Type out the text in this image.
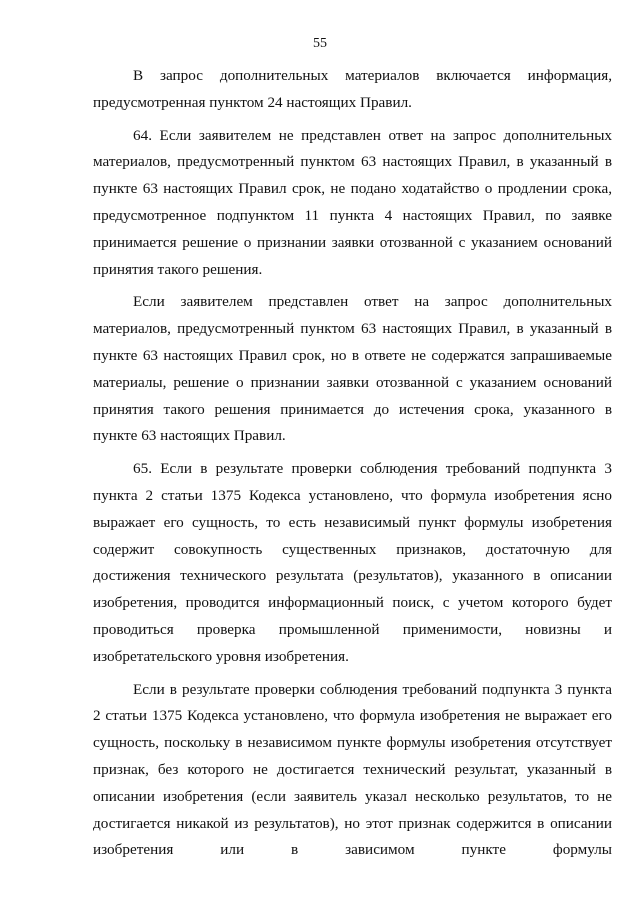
55

В запрос дополнительных материалов включается информация, предусмотренная пунктом 24 настоящих Правил.

64. Если заявителем не представлен ответ на запрос дополнительных материалов, предусмотренный пунктом 63 настоящих Правил, в указанный в пункте 63 настоящих Правил срок, не подано ходатайство о продлении срока, предусмотренное подпунктом 11 пункта 4 настоящих Правил, по заявке принимается решение о признании заявки отозванной с указанием оснований принятия такого решения.

Если заявителем представлен ответ на запрос дополнительных материалов, предусмотренный пунктом 63 настоящих Правил, в указанный в пункте 63 настоящих Правил срок, но в ответе не содержатся запрашиваемые материалы, решение о признании заявки отозванной с указанием оснований принятия такого решения принимается до истечения срока, указанного в пункте 63 настоящих Правил.

65. Если в результате проверки соблюдения требований подпункта 3 пункта 2 статьи 1375 Кодекса установлено, что формула изобретения ясно выражает его сущность, то есть независимый пункт формулы изобретения содержит совокупность существенных признаков, достаточную для достижения технического результата (результатов), указанного в описании изобретения, проводится информационный поиск, с учетом которого будет проводиться проверка промышленной применимости, новизны и изобретательского уровня изобретения.

Если в результате проверки соблюдения требований подпункта 3 пункта 2 статьи 1375 Кодекса установлено, что формула изобретения не выражает его сущность, поскольку в независимом пункте формулы изобретения отсутствует признак, без которого не достигается технический результат, указанный в описании изобретения (если заявитель указал несколько результатов, то не достигается никакой из результатов), но этот признак содержится в описании изобретения или в зависимом пункте формулы
